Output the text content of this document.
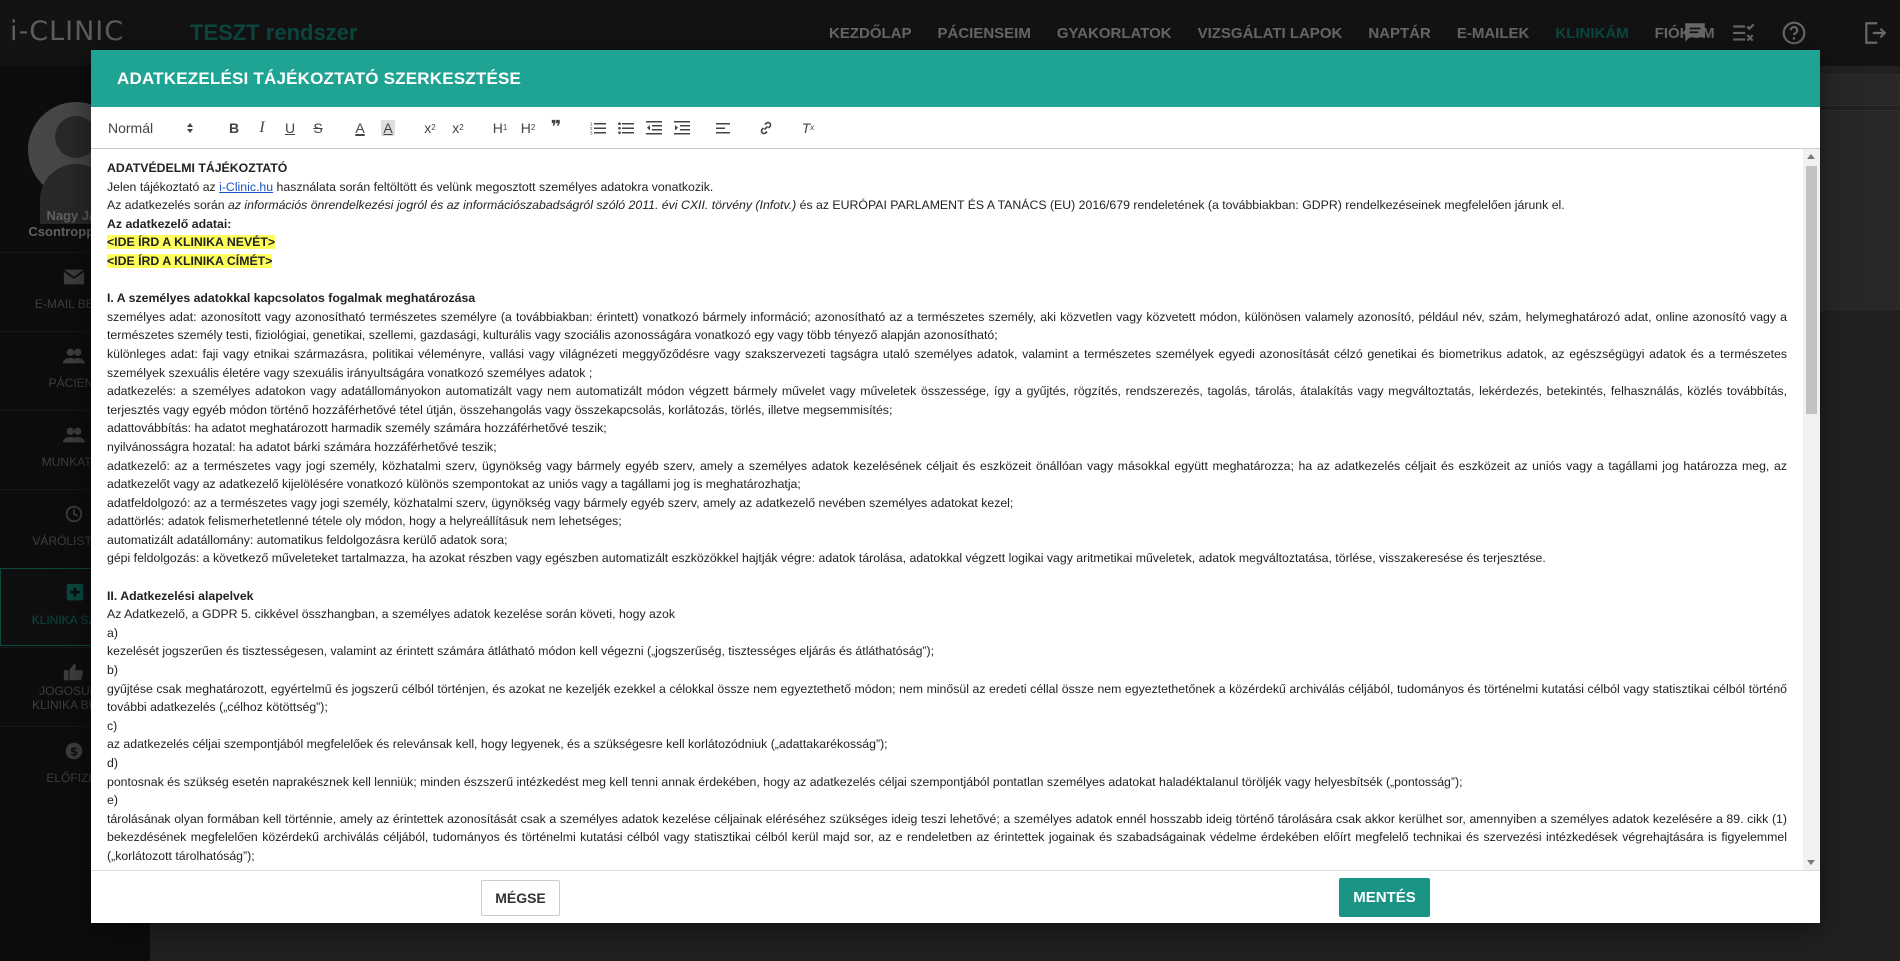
ADATKEZELÉSI TÁJÉKOZTATÓ SZERKESZTÉSE
Normál	B	I	U	S	A	A	x 2	x 2	H 1 H 2 ❞	1
2
3	T x

ADATVÉDELMI TÁJÉKOZTATÓ

Jelen tájékoztató az i-Clinic.hu használata során feltöltött és velünk megosztott személyes adatokra vonatkozik.

Az adatkezelés során az információs önrendelkezési jogról és az információszabadságról szóló 2011. évi CXII. törvény (Infotv.) és az EURÓPAI PARLAMENT ÉS A TANÁCS (EU) 2016/679 rendeletének (a továbbiakban: GDPR) rendelkezéseinek megfelelően járunk el.

Az adatkezelő adatai:

<IDE ÍRD A KLINIKA NEVÉT>

<IDE ÍRD A KLINIKA CÍMÉT>

I. A személyes adatokkal kapcsolatos fogalmak meghatározása

személyes adat: azonosított vagy azonosítható természetes személyre (a továbbiakban: érintett) vonatkozó bármely információ; azonosítható az a természetes személy, aki közvetlen vagy közvetett módon, különösen valamely azonosító, például név, szám, helymeghatározó adat, online azonosító vagy a természetes személy testi, fiziológiai, genetikai, szellemi, gazdasági, kulturális vagy szociális azonosságára vonatkozó egy vagy több tényező alapján azonosítható;

különleges adat: faji vagy etnikai származásra, politikai véleményre, vallási vagy világnézeti meggyőződésre vagy szakszervezeti tagságra utaló személyes adatok, valamint a természetes személyek egyedi azonosítását célzó genetikai és biometrikus adatok, az egészségügyi adatok és a természetes személyek szexuális életére vagy szexuális irányultságára vonatkozó személyes adatok ;

adatkezelés: a személyes adatokon vagy adatállományokon automatizált vagy nem automatizált módon végzett bármely művelet vagy műveletek összessége, így a gyűjtés, rögzítés, rendszerezés, tagolás, tárolás, átalakítás vagy megváltoztatás, lekérdezés, betekintés, felhasználás, közlés továbbítás, terjesztés vagy egyéb módon történő hozzáférhetővé tétel útján, összehangolás vagy összekapcsolás, korlátozás, törlés, illetve megsemmisítés;

adattovábbítás: ha adatot meghatározott harmadik személy számára hozzáférhetővé teszik;

nyilvánosságra hozatal: ha adatot bárki számára hozzáférhetővé teszik;

adatkezelő: az a természetes vagy jogi személy, közhatalmi szerv, ügynökség vagy bármely egyéb szerv, amely a személyes adatok kezelésének céljait és eszközeit önállóan vagy másokkal együtt meghatározza; ha az adatkezelés céljait és eszközeit az uniós vagy a tagállami jog határozza meg, az adatkezelőt vagy az adatkezelő kijelölésére vonatkozó különös szempontokat az uniós vagy a tagállami jog is meghatározhatja;

adatfeldolgozó: az a természetes vagy jogi személy, közhatalmi szerv, ügynökség vagy bármely egyéb szerv, amely az adatkezelő nevében személyes adatokat kezel;

adattörlés: adatok felismerhetetlenné tétele oly módon, hogy a helyreállításuk nem lehetséges;

automatizált adatállomány: automatikus feldolgozásra kerülő adatok sora;

gépi feldolgozás: a következő műveleteket tartalmazza, ha azokat részben vagy egészben automatizált eszközökkel hajtják végre: adatok tárolása, adatokkal végzett logikai vagy aritmetikai műveletek, adatok megváltoztatása, törlése, visszakeresése és terjesztése.

II. Adatkezelési alapelvek

Az Adatkezelő, a GDPR 5. cikkével összhangban, a személyes adatok kezelése során követi, hogy azok

a)

kezelését jogszerűen és tisztességesen, valamint az érintett számára átlátható módon kell végezni („jogszerűség, tisztességes eljárás és átláthatóság”);

b)

gyűjtése csak meghatározott, egyértelmű és jogszerű célból történjen, és azokat ne kezeljék ezekkel a célokkal össze nem egyeztethető módon; nem minősül az eredeti céllal össze nem egyeztethetőnek a közérdekű archiválás céljából, tudományos és történelmi kutatási célból vagy statisztikai célból történő további adatkezelés („célhoz kötöttség”);

c)

az adatkezelés céljai szempontjából megfelelőek és relevánsak kell, hogy legyenek, és a szükségesre kell korlátozódniuk („adattakarékosság”);

d)

pontosnak és szükség esetén naprakésznek kell lenniük; minden észszerű intézkedést meg kell tenni annak érdekében, hogy az adatkezelés céljai szempontjából pontatlan személyes adatokat haladéktalanul töröljék vagy helyesbítsék („pontosság”);

e)

tárolásának olyan formában kell történnie, amely az érintettek azonosítását csak a személyes adatok kezelése céljainak eléréséhez szükséges ideig teszi lehetővé; a személyes adatok ennél hosszabb ideig történő tárolására csak akkor kerülhet sor, amennyiben a személyes adatok kezelésére a 89. cikk (1) bekezdésének megfelelően közérdekű archiválás céljából, tudományos és történelmi kutatási célból vagy statisztikai célból kerül majd sor, az e rendeletben az érintettek jogainak és szabadságainak védelme érdekében előírt megfelelő technikai és szervezési intézkedések végrehajtására is figyelemmel („korlátozott tárolhatóság”);

MÉGSE	MENTÉS
